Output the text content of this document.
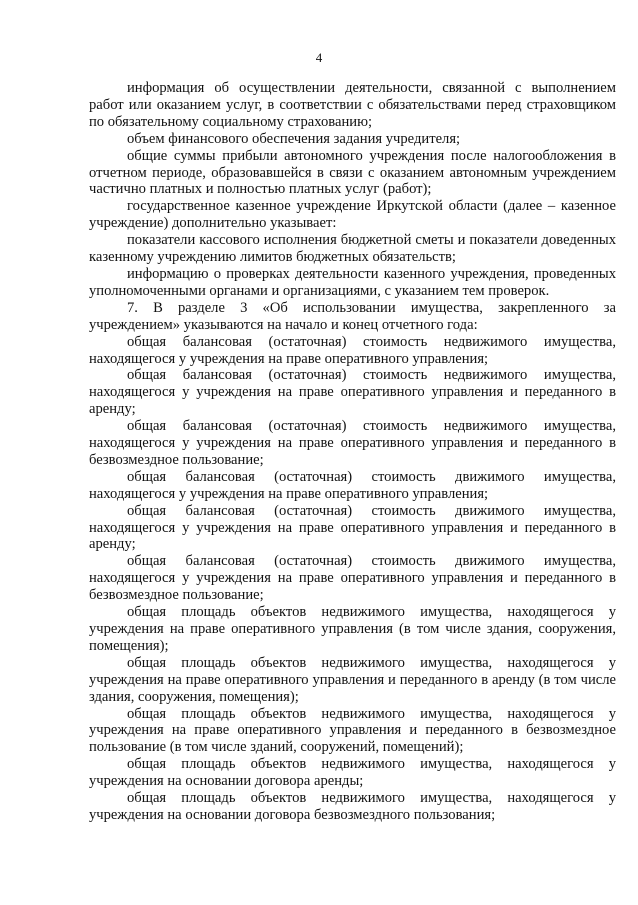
4

информация об осуществлении деятельности, связанной с выполнением работ или оказанием услуг, в соответствии с обязательствами перед страховщиком по обязательному социальному страхованию;

объем финансового обеспечения задания учредителя;

общие суммы прибыли автономного учреждения после налогообложения в отчетном периоде, образовавшейся в связи с оказанием автономным учреждением частично платных и полностью платных услуг (работ);

государственное казенное учреждение Иркутской области (далее – казенное учреждение) дополнительно указывает:

показатели кассового исполнения бюджетной сметы и показатели доведенных казенному учреждению лимитов бюджетных обязательств;

информацию о проверках деятельности казенного учреждения, проведенных уполномоченными органами и организациями, с указанием тем проверок.

7. В разделе 3 «Об использовании имущества, закрепленного за учреждением» указываются на начало и конец отчетного года:

общая балансовая (остаточная) стоимость недвижимого имущества, находящегося у учреждения на праве оперативного управления;

общая балансовая (остаточная) стоимость недвижимого имущества, находящегося у учреждения на праве оперативного управления и переданного в аренду;

общая балансовая (остаточная) стоимость недвижимого имущества, находящегося у учреждения на праве оперативного управления и переданного в безвозмездное пользование;

общая балансовая (остаточная) стоимость движимого имущества, находящегося у учреждения на праве оперативного управления;

общая балансовая (остаточная) стоимость движимого имущества, находящегося у учреждения на праве оперативного управления и переданного в аренду;

общая балансовая (остаточная) стоимость движимого имущества, находящегося у учреждения на праве оперативного управления и переданного в безвозмездное пользование;

общая площадь объектов недвижимого имущества, находящегося у учреждения на праве оперативного управления (в том числе здания, сооружения, помещения);

общая площадь объектов недвижимого имущества, находящегося у учреждения на праве оперативного управления и переданного в аренду (в том числе здания, сооружения, помещения);

общая площадь объектов недвижимого имущества, находящегося у учреждения на праве оперативного управления и переданного в безвозмездное пользование (в том числе зданий, сооружений, помещений);

общая площадь объектов недвижимого имущества, находящегося у учреждения на основании договора аренды;

общая площадь объектов недвижимого имущества, находящегося у учреждения на основании договора безвозмездного пользования;
